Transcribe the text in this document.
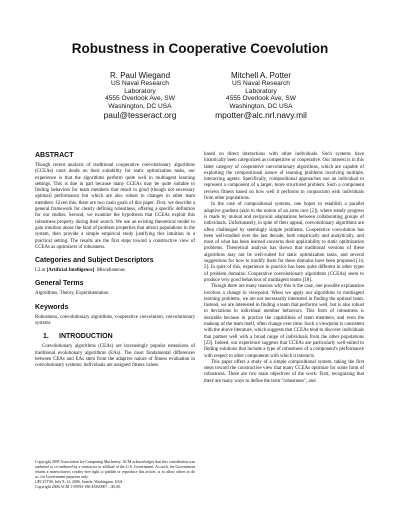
Robustness in Cooperative Coevolution
R. Paul Wiegand
US Naval Research
Laboratory
4555 Overlook Ave, SW
Washington, DC USA
paul@tesseract.org
Mitchell A. Potter
US Naval Research
Laboratory
4555 Overlook Ave, SW
Washington, DC USA
mpotter@aic.nrl.navy.mil
ABSTRACT

Though recent analysis of traditional cooperative coevolutionary algorithms (CCEAs) casts doubt on their suitability for static optimization tasks, our experience is that the algorithms perform quite well in multiagent learning settings. This is due in part because many CCEAs may be quite suitable to finding behaviors for team members that result in good (though not necessary optimal) performance but which are also robust to changes in other team members. Given this, there are two main goals of this paper. First, we describe a general framework for clearly defining robustness, offering a specific definition for our studies. Second, we examine the hypothesis that CCEAs exploit this robustness property during their search. We use an existing theoretical model to gain intuition about the kind of problem properties that attract populations in the system, then provide a simple empirical study justifying this intuition in a practical setting. The results are the first steps toward a constructive view of CCEAs as optimizers of robustness.

Categories and Subject Descriptors

I.2.m [Artificial Intelligence]: Miscellaneous

General Terms

Algorithms, Theory, Experimentation

Keywords

Robustness, coevolutionary algorithms, cooperative coevolution, coevolutionary systems

1. INTRODUCTION

Coevolutionary algorithms (CEAs) are increasingly popular extensions of traditional evolutionary algorithms (EAs). The most fundamental differences between CEAs and EAs stem from the adaptive nature of fitness evaluation in coevolutionary systems: individuals are assigned fitness values

Copyright 2005 Association for Computing Machinery. ACM acknowledges that this contribution was authored or co-authored by a contractor or affiliate of the U.S. Government. As such, the Government retains a nonexclusive, royalty-free right to publish or reproduce this article, or to allow others to do so, for Government purposes only.
GECCO'06, July 8–12, 2006, Seattle, Washington, USA.
Copyright 2006 ACM 1-59593-186-4/06/0007 ...$5.00.

based on direct interactions with other individuals. Such systems have historically been categorized as competitive or cooperative. Our interest is in this latter category of cooperative coevolutionary algorithms, which are capable of exploiting the compositional nature of learning problems involving multiple, interacting agents. Specifically, compositional approaches use an individual to represent a component of a larger, more structured problem. Such a component reviews fitness based on how well it performs in conjunction with individuals from other populations.

In the case of compositional systems, one hopes to establish a parallel adaptive gradient (akin to the notion of an arms race [2]), where steady progress is made by mutual and reciprocal adaptations between collaborating groups of individuals. Unfortunately, in spite of their appeal, coevolutionary algorithms are often challenged by seemingly simple problems. Cooperative coevolution has been well-studied over the last decade, both empirically and analytically, and most of what has been learned concerns their applicability to static optimization problems. Theoretical analysis has shown that traditional versions of these algorithms may not be well-suited for static optimization tasks, and several suggestions for how to modify them for these domains have been proposed [14, 2]. In spite of this, experience in practice has been quite different in other types of problem domains: Cooperative coevolutionary algorithms (CCEAs) seem to produce very good behaviour of multiagent teams [18].

Though there are many reasons why this is the case, one possible explanation involves a change in viewpoint. When we apply our algorithms to multiagent learning problems, we are not necessarily interested in finding the optimal team. Instead, we are interested in finding a team that performs well, but is also robust to deviations in individual member behaviors. This form of robustness is desirable because in practice the capabilities of team members, and even the makeup of the team itself, often change over time. Such a viewpoint is consistent with the above literature, which suggests that CCEAs tend to discover individuals that partner well with a broad range of individuals from the other populations [23]. Indeed, our experience suggests that CCEAs are particularly well-suited to finding solutions that include a type of robustness of a component's performance with respect to other components with which it interacts.

This paper offers a study of a simple compositional system, taking the first steps toward the constructive view that many CCEAs optimize for some form of robustness. There are two main objectives of the work: First, recognizing that there are many ways to define the term "robustness", and
